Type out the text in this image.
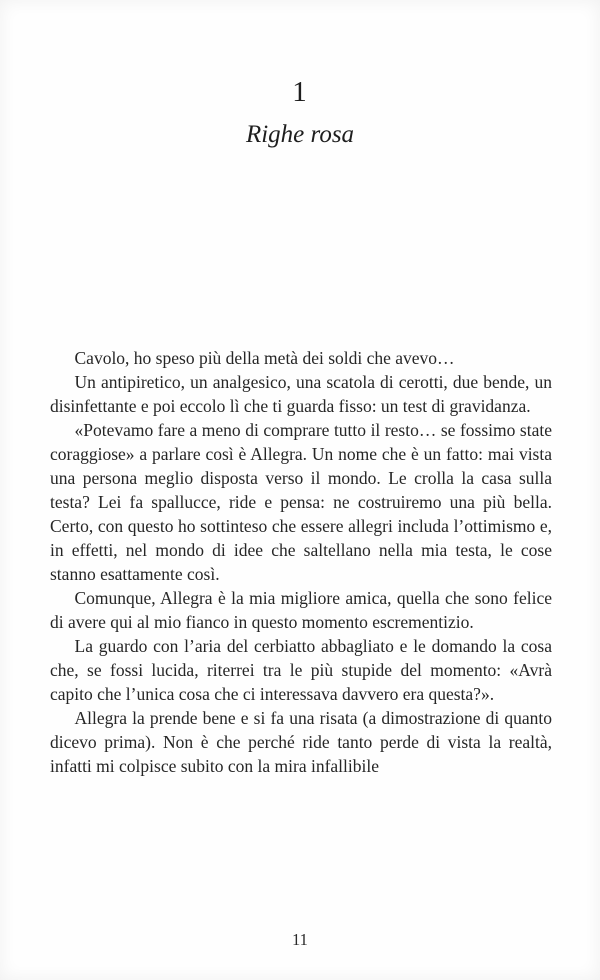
1
Righe rosa

Cavolo, ho speso più della metà dei soldi che avevo…

Un antipiretico, un analgesico, una scatola di cerotti, due bende, un disinfettante e poi eccolo lì che ti guarda fisso: un test di gravidanza.

«Potevamo fare a meno di comprare tutto il resto… se fossimo state coraggiose» a parlare così è Allegra. Un nome che è un fatto: mai vista una persona meglio disposta verso il mondo. Le crolla la casa sulla testa? Lei fa spallucce, ride e pensa: ne costruiremo una più bella. Certo, con questo ho sottinteso che essere allegri includa l’ottimismo e, in effetti, nel mondo di idee che saltellano nella mia testa, le cose stanno esattamente così.

Comunque, Allegra è la mia migliore amica, quella che sono felice di avere qui al mio fianco in questo momento escrementizio.

La guardo con l’aria del cerbiatto abbagliato e le domando la cosa che, se fossi lucida, riterrei tra le più stupide del momento: «Avrà capito che l’unica cosa che ci interessava davvero era questa?».

Allegra la prende bene e si fa una risata (a dimostrazione di quanto dicevo prima). Non è che perché ride tanto perde di vista la realtà, infatti mi colpisce subito con la mira infallibile

11
